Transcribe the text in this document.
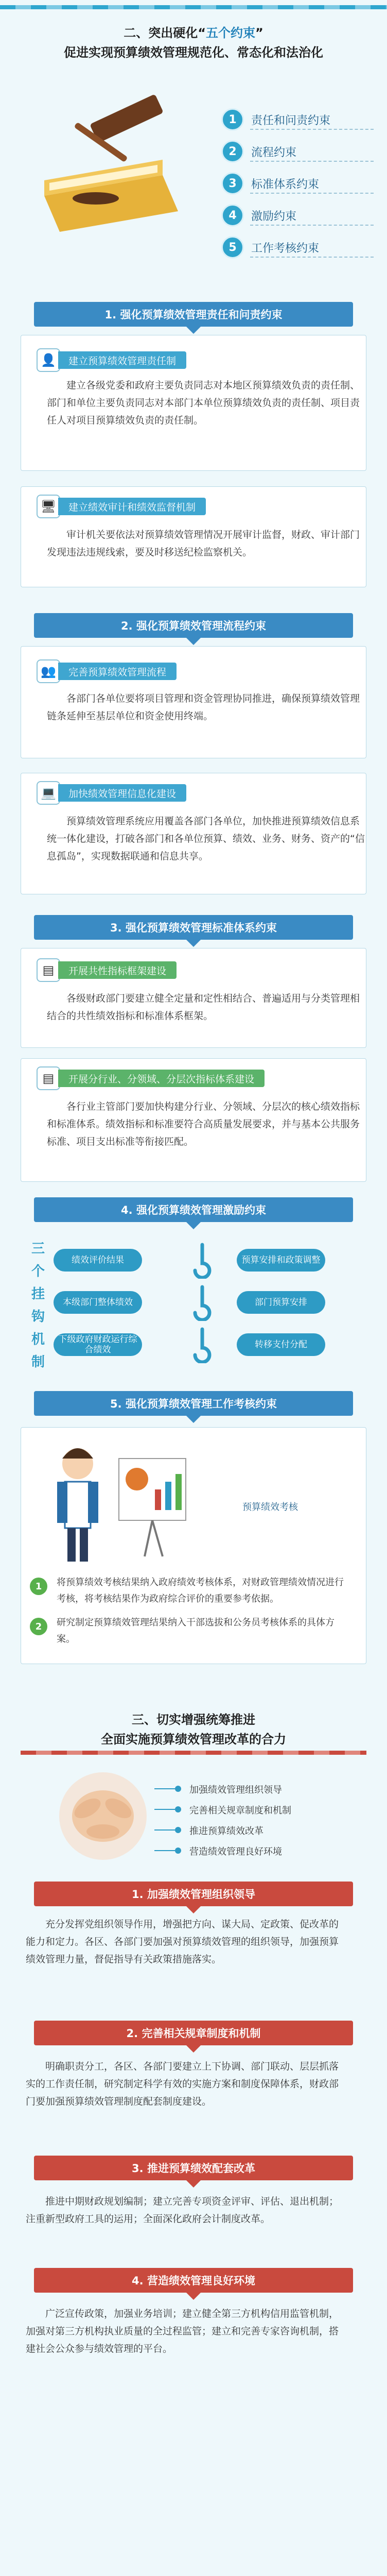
二、突出硬化“五个约束”
促进实现预算绩效管理规范化、常态化和法治化
1	责任和问责约束
2	流程约束
3	标准体系约束
4	激励约束
5	工作考核约束
1. 强化预算绩效管理责任和问责约束
👤	建立预算绩效管理责任制

建立各级党委和政府主要负责同志对本地区预算绩效负责的责任制、部门和单位主要负责同志对本部门本单位预算绩效负责的责任制、项目责任人对项目预算绩效负责的责任制。

🖥	建立绩效审计和绩效监督机制

审计机关要依法对预算绩效管理情况开展审计监督，财政、审计部门发现违法违规线索，要及时移送纪检监察机关。

2. 强化预算绩效管理流程约束
👥	完善预算绩效管理流程

各部门各单位要将项目管理和资金管理协同推进，确保预算绩效管理链条延伸至基层单位和资金使用终端。

💻	加快绩效管理信息化建设

预算绩效管理系统应用覆盖各部门各单位，加快推进预算绩效信息系统一体化建设，打破各部门和各单位预算、绩效、业务、财务、资产的“信息孤岛”，实现数据联通和信息共享。

3. 强化预算绩效管理标准体系约束
▤	开展共性指标框架建设

各级财政部门要建立健全定量和定性相结合、普遍适用与分类管理相结合的共性绩效指标和标准体系框架。

▤	开展分行业、分领域、分层次指标体系建设

各行业主管部门要加快构建分行业、分领域、分层次的核心绩效指标和标准体系。绩效指标和标准要符合高质量发展要求，并与基本公共服务标准、项目支出标准等衔接匹配。

4. 强化预算绩效管理激励约束
三
个
挂
钩
机
制
绩效评价结果
本级部门整体绩效
下级政府财政运行综合绩效
预算安排和政策调整
部门预算安排
转移支付分配
5. 强化预算绩效管理工作考核约束
预算绩效考核
1	将预算绩效考核结果纳入政府绩效考核体系，对财政管理绩效情况进行考核，将考核结果作为政府综合评价的重要参考依据。
2	研究制定预算绩效管理结果纳入干部选拔和公务员考核体系的具体方案。
三、切实增强统筹推进
全面实施预算绩效管理改革的合力
加强绩效管理组织领导
完善相关规章制度和机制
推进预算绩效改革
营造绩效管理良好环境
1. 加强绩效管理组织领导

充分发挥党组织领导作用，增强把方向、谋大局、定政策、促改革的能力和定力。各区、各部门要加强对预算绩效管理的组织领导，加强预算绩效管理力量，督促指导有关政策措施落实。

2. 完善相关规章制度和机制

明确职责分工，各区、各部门要建立上下协调、部门联动、层层抓落实的工作责任制，研究制定科学有效的实施方案和制度保障体系，财政部门要加强预算绩效管理制度配套制度建设。

3. 推进预算绩效配套改革

推进中期财政规划编制；建立完善专项资金评审、评估、退出机制；注重新型政府工具的运用；全面深化政府会计制度改革。

4. 营造绩效管理良好环境

广泛宣传政策，加强业务培训；建立健全第三方机构信用监管机制，加强对第三方机构执业质量的全过程监管；建立和完善专家咨询机制，搭建社会公众参与绩效管理的平台。
